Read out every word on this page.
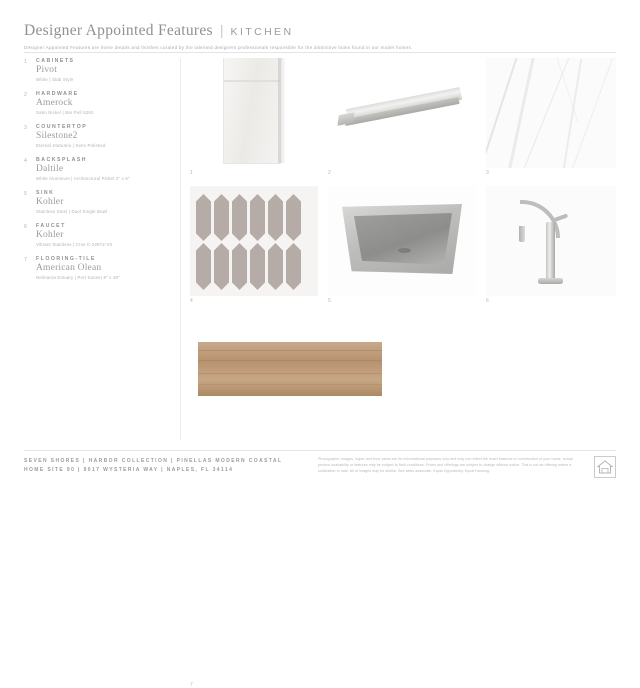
Designer Appointed Features | KITCHEN
Designer Appointed Features are home details and finishes curated by the talented designers professionals responsible for the distinctive looks found in our model homes.
1 CABINETS
Pivot
White | Slab Style
2 HARDWARE
Amerock
Satin Nickel | Bar Pull 6250
3 COUNTERTOP
Silestone2
Eternal Statuario | Semi Polished
4 BACKSPLASH
Daltile
White Aluminum | Architectural Picket 2" x 5"
5 SINK
Kohler
Stainless Steel | Duel Single Bowl
6 FAUCET
Kohler
Vibrant Stainless | Crue K-22972-VS
7 FLOORING-TILE
American Olean
Delmarva Estuary | Port Sunset 8" x 48"
1	2	3
4	5	6
7
SEVEN SHORES | HARBOR COLLECTION | PINELLAS MODERN COASTAL
HOME SITE 90 | 9017 WYSTERIA WAY | NAPLES, FL 34114
Photographs, images, logos, and floor plans are for informational purposes only and may not reflect the exact features or construction of your home, actual product availability or features may be subject to field conditions. Prices and offerings are subject to change without notice. This is not an offering where a solicitation or sale. All of images may be similar. See sales associate. Equal Opportunity. Equal Housing.
